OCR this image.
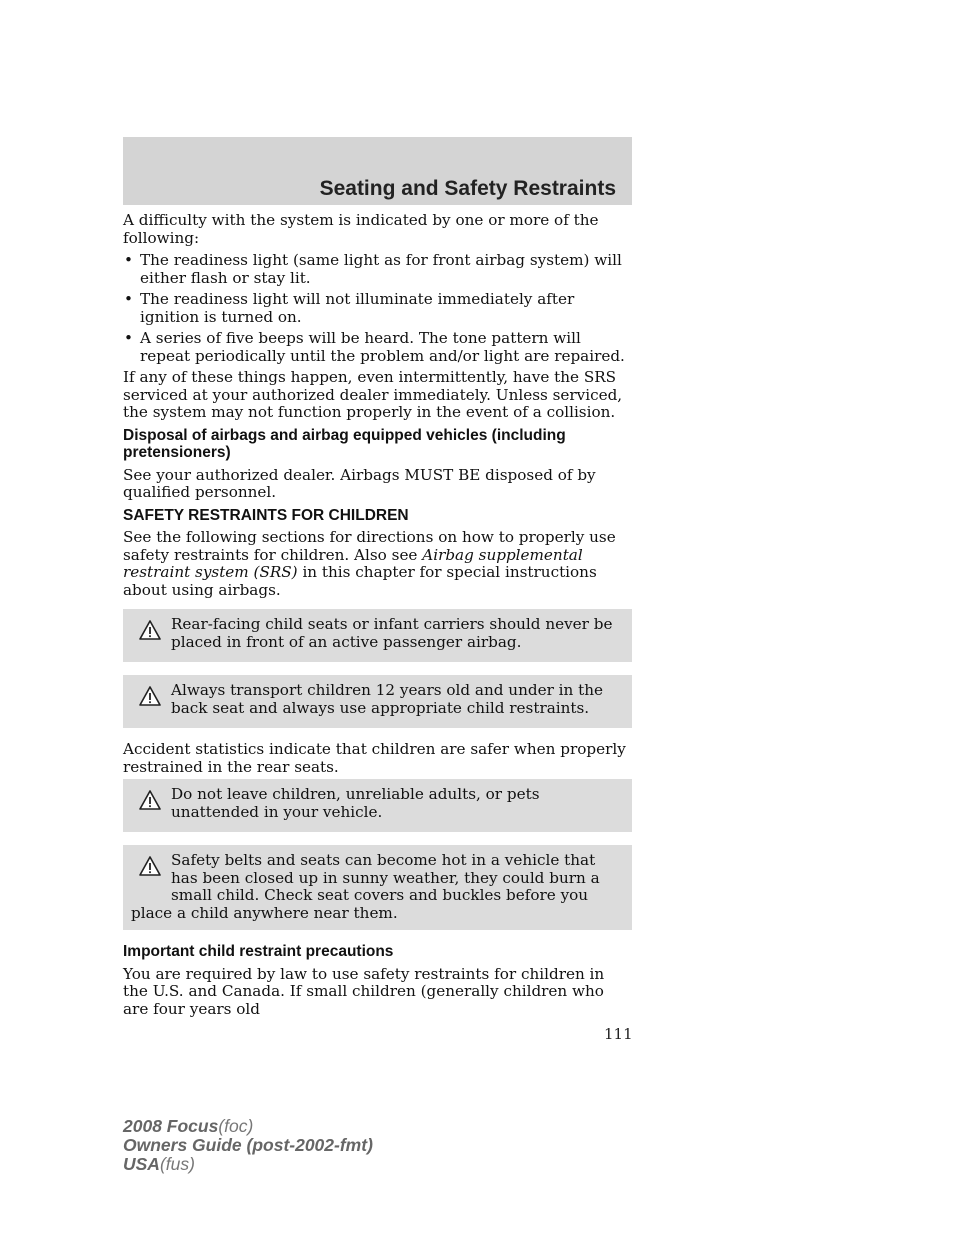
Seating and Safety Restraints

A difficulty with the system is indicated by one or more of the following:

• The readiness light (same light as for front airbag system) will either flash or stay lit.
• The readiness light will not illuminate immediately after ignition is turned on.
• A series of five beeps will be heard. The tone pattern will repeat periodically until the problem and/or light are repaired.

If any of these things happen, even intermittently, have the SRS serviced at your authorized dealer immediately. Unless serviced, the system may not function properly in the event of a collision.

Disposal of airbags and airbag equipped vehicles (including pretensioners)

See your authorized dealer. Airbags MUST BE disposed of by qualified personnel.

SAFETY RESTRAINTS FOR CHILDREN

See the following sections for directions on how to properly use safety restraints for children. Also see Airbag supplemental restraint system (SRS) in this chapter for special instructions about using airbags.

Rear-facing child seats or infant carriers should never be placed in front of an active passenger airbag.
Always transport children 12 years old and under in the back seat and always use appropriate child restraints.

Accident statistics indicate that children are safer when properly restrained in the rear seats.

Do not leave children, unreliable adults, or pets unattended in your vehicle.
Safety belts and seats can become hot in a vehicle that has been closed up in sunny weather, they could burn a small child. Check seat covers and buckles before you place a child anywhere near them.
Important child restraint precautions

You are required by law to use safety restraints for children in the U.S. and Canada. If small children (generally children who are four years old

111
2008 Focus(foc)
Owners Guide (post-2002-fmt)
USA(fus)
